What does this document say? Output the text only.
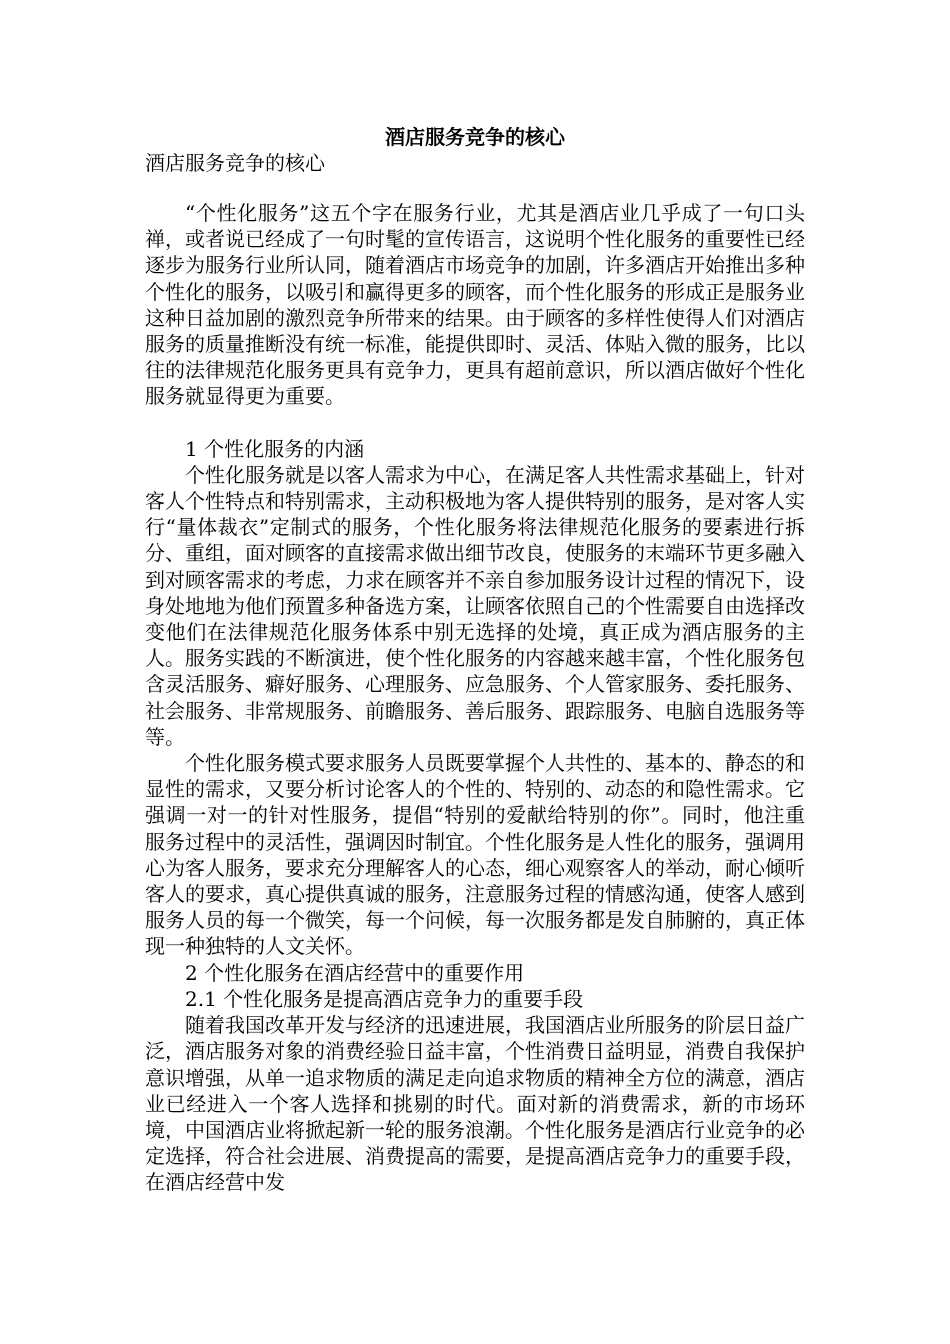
酒店服务竞争的核心
酒店服务竞争的核心

“个性化服务”这五个字在服务行业，尤其是酒店业几乎成了一句口头禅，或者说已经成了一句时髦的宣传语言，这说明个性化服务的重要性已经逐步为服务行业所认同，随着酒店市场竞争的加剧，许多酒店开始推出多种个性化的服务，以吸引和赢得更多的顾客，而个性化服务的形成正是服务业这种日益加剧的激烈竞争所带来的结果。由于顾客的多样性使得人们对酒店服务的质量推断没有统一标准，能提供即时、灵活、体贴入微的服务，比以往的法律规范化服务更具有竞争力，更具有超前意识，所以酒店做好个性化服务就显得更为重要。

1 个性化服务的内涵

个性化服务就是以客人需求为中心，在满足客人共性需求基础上，针对客人个性特点和特别需求，主动积极地为客人提供特别的服务，是对客人实行“量体裁衣”定制式的服务，个性化服务将法律规范化服务的要素进行拆分、重组，面对顾客的直接需求做出细节改良，使服务的末端环节更多融入到对顾客需求的考虑，力求在顾客并不亲自参加服务设计过程的情况下，设身处地地为他们预置多种备选方案，让顾客依照自己的个性需要自由选择改变他们在法律规范化服务体系中别无选择的处境，真正成为酒店服务的主人。服务实践的不断演进，使个性化服务的内容越来越丰富，个性化服务包含灵活服务、癖好服务、心理服务、应急服务、个人管家服务、委托服务、社会服务、非常规服务、前瞻服务、善后服务、跟踪服务、电脑自选服务等等。

个性化服务模式要求服务人员既要掌握个人共性的、基本的、静态的和显性的需求，又要分析讨论客人的个性的、特别的、动态的和隐性需求。它强调一对一的针对性服务，提倡“特别的爱献给特别的你”。同时，他注重服务过程中的灵活性，强调因时制宜。个性化服务是人性化的服务，强调用心为客人服务，要求充分理解客人的心态，细心观察客人的举动，耐心倾听客人的要求，真心提供真诚的服务，注意服务过程的情感沟通，使客人感到服务人员的每一个微笑，每一个问候，每一次服务都是发自肺腑的，真正体现一种独特的人文关怀。

2 个性化服务在酒店经营中的重要作用

2.1 个性化服务是提高酒店竞争力的重要手段

随着我国改革开发与经济的迅速进展，我国酒店业所服务的阶层日益广泛，酒店服务对象的消费经验日益丰富，个性消费日益明显，消费自我保护意识增强，从单一追求物质的满足走向追求物质的精神全方位的满意，酒店业已经进入一个客人选择和挑剔的时代。面对新的消费需求，新的市场环境，中国酒店业将掀起新一轮的服务浪潮。个性化服务是酒店行业竞争的必定选择，符合社会进展、消费提高的需要，是提高酒店竞争力的重要手段，在酒店经营中发
